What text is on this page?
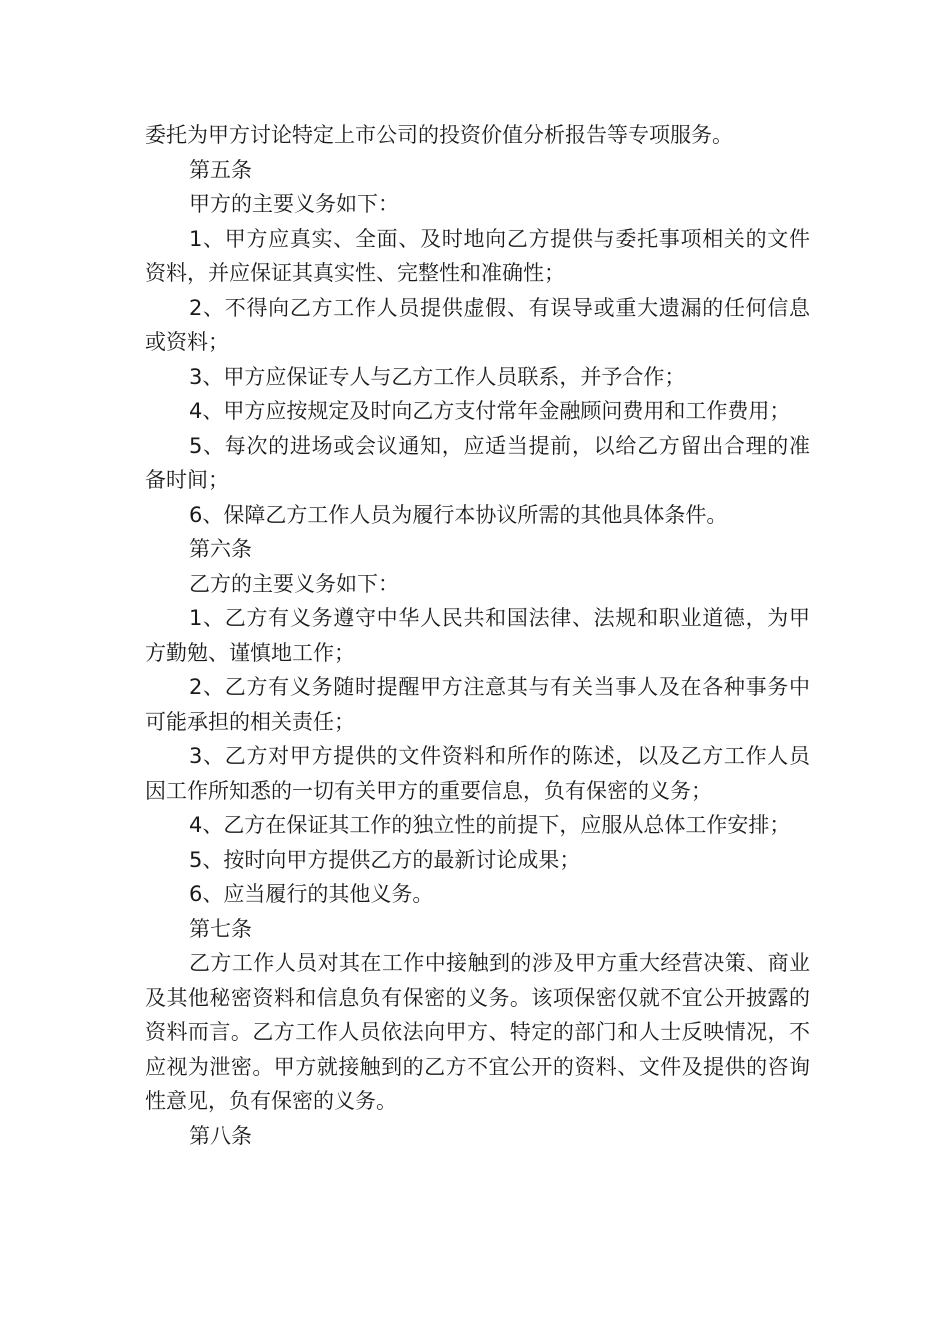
委托为甲方讨论特定上市公司的投资价值分析报告等专项服务。

第五条

甲方的主要义务如下：

1、甲方应真实、全面、及时地向乙方提供与委托事项相关的文件资料，并应保证其真实性、完整性和准确性；

2、不得向乙方工作人员提供虚假、有误导或重大遗漏的任何信息或资料；

3、甲方应保证专人与乙方工作人员联系，并予合作；

4、甲方应按规定及时向乙方支付常年金融顾问费用和工作费用；

5、每次的进场或会议通知，应适当提前，以给乙方留出合理的准备时间；

6、保障乙方工作人员为履行本协议所需的其他具体条件。

第六条

乙方的主要义务如下：

1、乙方有义务遵守中华人民共和国法律、法规和职业道德，为甲方勤勉、谨慎地工作；

2、乙方有义务随时提醒甲方注意其与有关当事人及在各种事务中可能承担的相关责任；

3、乙方对甲方提供的文件资料和所作的陈述，以及乙方工作人员因工作所知悉的一切有关甲方的重要信息，负有保密的义务；

4、乙方在保证其工作的独立性的前提下，应服从总体工作安排；

5、按时向甲方提供乙方的最新讨论成果；

6、应当履行的其他义务。

第七条

乙方工作人员对其在工作中接触到的涉及甲方重大经营决策、商业及其他秘密资料和信息负有保密的义务。该项保密仅就不宜公开披露的资料而言。乙方工作人员依法向甲方、特定的部门和人士反映情况，不应视为泄密。甲方就接触到的乙方不宜公开的资料、文件及提供的咨询性意见，负有保密的义务。

第八条
